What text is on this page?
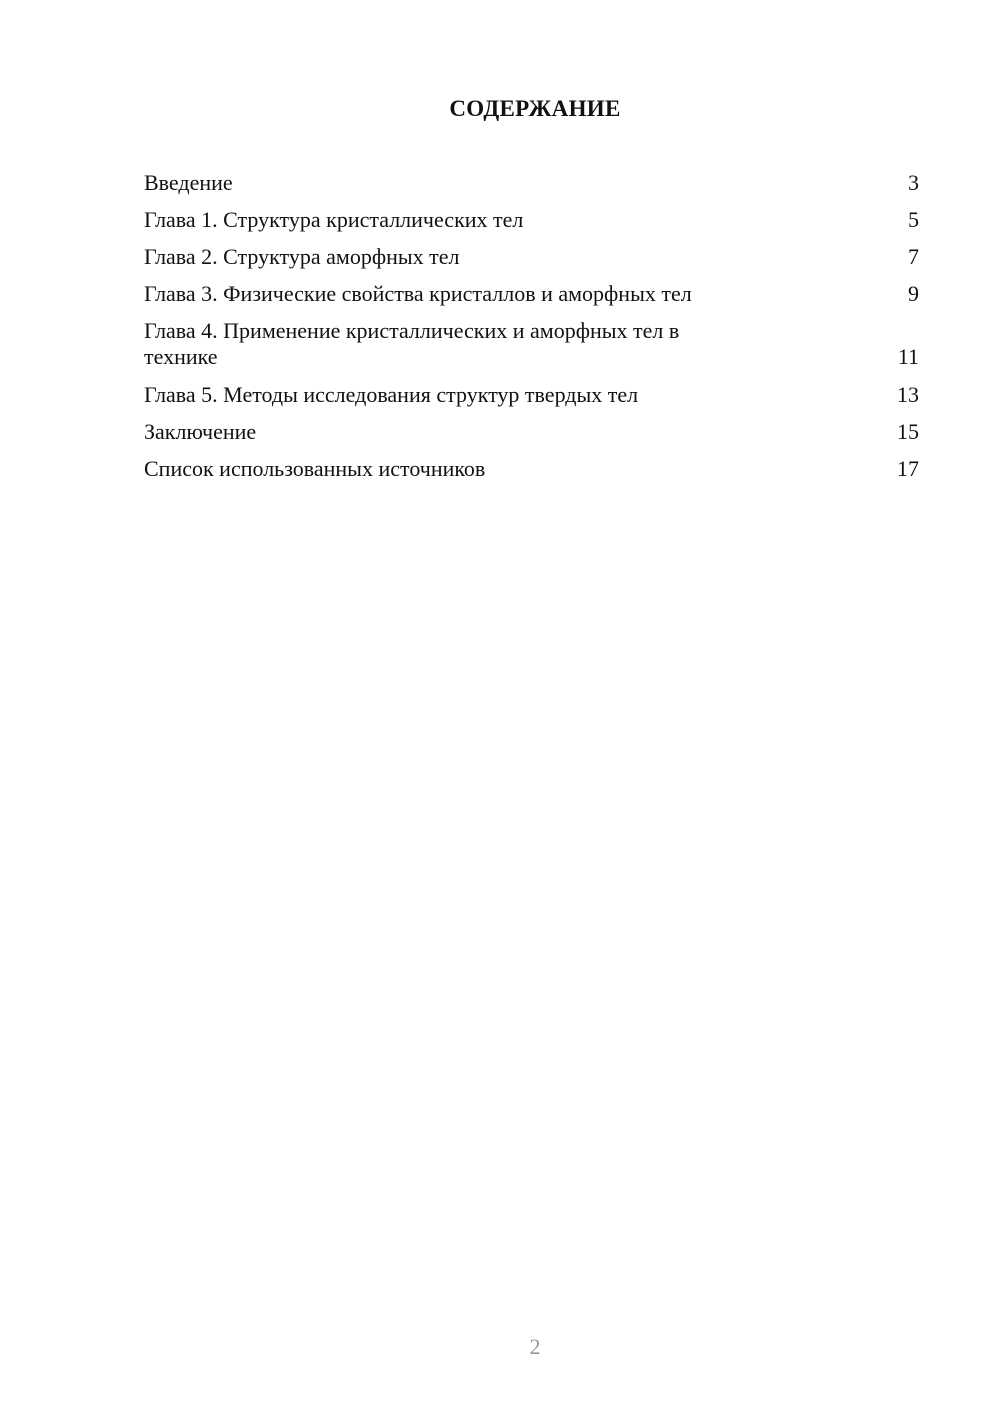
СОДЕРЖАНИЕ
Введение	3
Глава 1. Структура кристаллических тел	5
Глава 2. Структура аморфных тел	7
Глава 3. Физические свойства кристаллов и аморфных тел	9
Глава 4. Применение кристаллических и аморфных тел в
технике	11
Глава 5. Методы исследования структур твердых тел	13
Заключение	15
Список использованных источников	17
2
